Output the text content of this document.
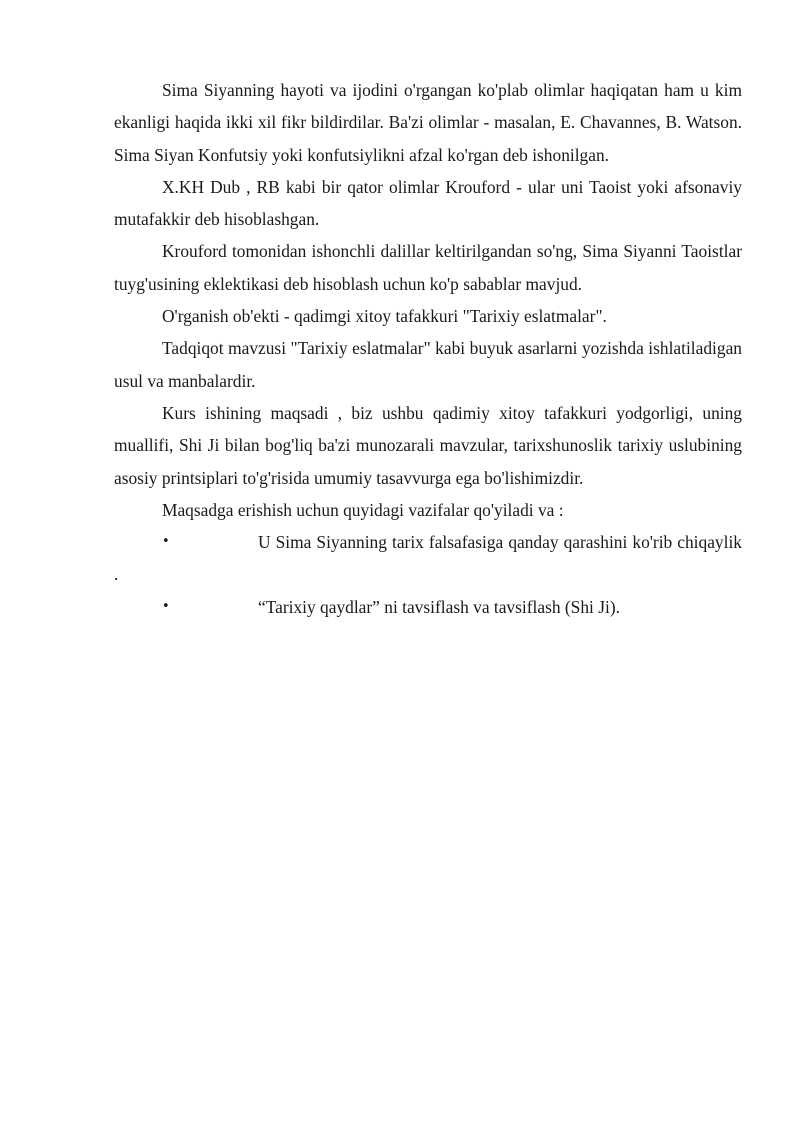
Sima Siyanning hayoti va ijodini o'rgangan ko'plab olimlar haqiqatan ham u kim ekanligi haqida ikki xil fikr bildirdilar. Ba'zi olimlar - masalan, E. Chavannes, B. Watson. Sima Siyan Konfutsiy yoki konfutsiylikni afzal ko'rgan deb ishonilgan.

X.KH Dub , RB kabi bir qator olimlar Krouford - ular uni Taoist yoki afsonaviy mutafakkir deb hisoblashgan.

Krouford tomonidan ishonchli dalillar keltirilgandan so'ng, Sima Siyanni Taoistlar tuyg'usining eklektikasi deb hisoblash uchun ko'p sabablar mavjud.

O'rganish ob'ekti - qadimgi xitoy tafakkuri "Tarixiy eslatmalar".

Tadqiqot mavzusi "Tarixiy eslatmalar" kabi buyuk asarlarni yozishda ishlatiladigan usul va manbalardir.

Kurs ishining maqsadi , biz ushbu qadimiy xitoy tafakkuri yodgorligi, uning muallifi, Shi Ji bilan bog'liq ba'zi munozarali mavzular, tarixshunoslik tarixiy uslubining asosiy printsiplari to'g'risida umumiy tasavvurga ega bo'lishimizdir.

Maqsadga erishish uchun quyidagi vazifalar qo'yiladi va :

•	U Sima Siyanning tarix falsafasiga qanday qarashini ko'rib chiqaylik .

•	“Tarixiy qaydlar” ni tavsiflash va tavsiflash (Shi Ji).
